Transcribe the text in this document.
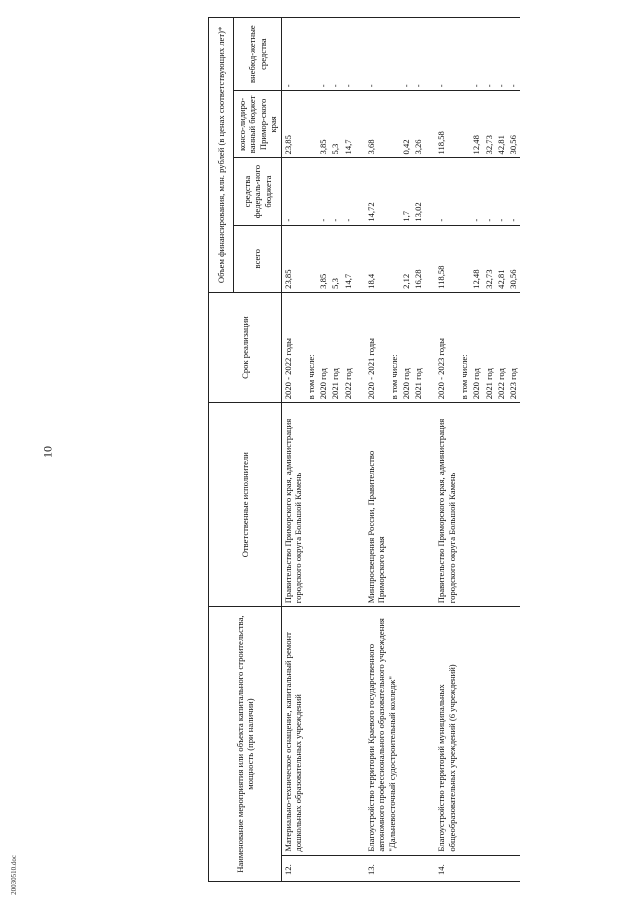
10
20030510.doc
Наименование мероприятия или объекта капитального строительства, мощность (при наличии)		Ответственные исполнители	Срок реализации	Объем финансирования, млн. рублей (в ценах соответствующих лет)*			
				всего	средства федераль-ного бюджета	консо-лидиро-ванный бюджет Примор-ского края	внебюд-жетные средства
12.	Материально-техническое оснащение, капитальный ремонт дошкольных образовательных учреждений	Правительство Приморского края, администрация городского округа Большой Камень	2020 - 2022 годы	23,85	-	23,85	-
			в том числе:				
			2020 год	3,85	-	3,85	-
			2021 год	5,3	-	5,3	-
			2022 год	14,7	-	14,7	-

13.	Благоустройство территории Краевого государственного автономного профессионального образовательного учреждения "Дальневосточный судостроительный колледж"	Минпросвещения России, Правительство Приморского края	2020 - 2021 годы	18,4	14,72	3,68	-
			в том числе:				
			2020 год	2,12	1,7	0,42	-
			2021 год	16,28	13,02	3,26	-

14.	Благоустройство территорий муниципальных общеобразовательных учреждений (6 учреждений)	Правительство Приморского края, администрация городского округа Большой Камень	2020 - 2023 годы	118,58	-	118,58	-
			в том числе:				
			2020 год	12,48	-	12,48	-
			2021 год	32,73	-	32,73	-
			2022 год	42,81	-	42,81	-
			2023 год	30,56	-	30,56	-
